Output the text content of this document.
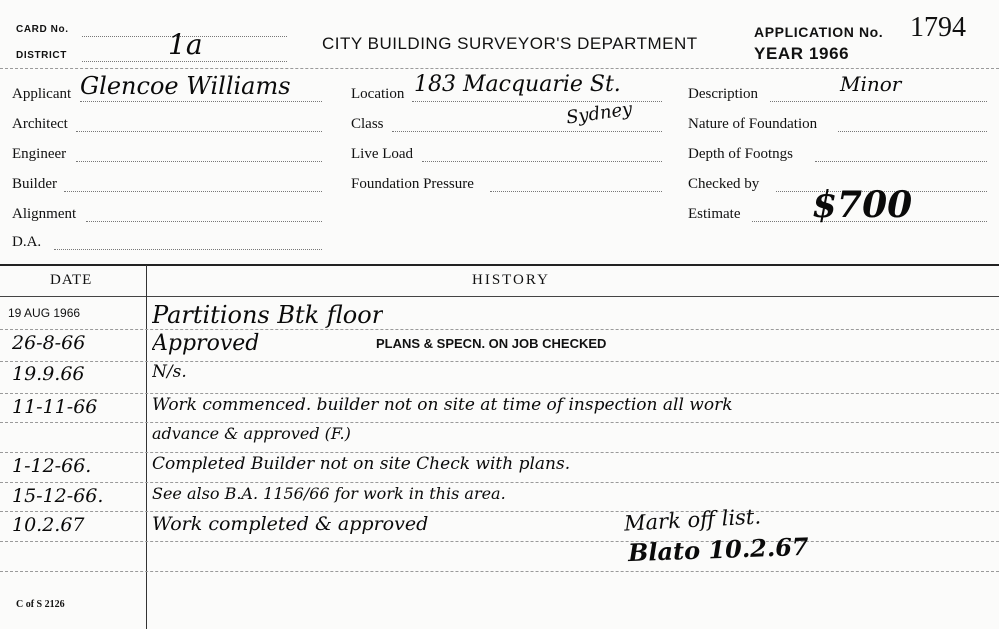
CARD No.
DISTRICT	1a	CITY BUILDING SURVEYOR'S DEPARTMENT
APPLICATION No. 1794
YEAR 1966
Applicant Glencoe Williams
Architect
Engineer
Builder
Alignment
D.A.
Location 183 Macquarie St.
Sydney
Class
Live Load
Foundation Pressure
Description	Minor
Nature of Foundation
Depth of Footngs
Checked by
Estimate $700
DATE	HISTORY
19 AUG 1966	Partitions Btk floor
26-8-66	Approved	PLANS & SPECN. ON JOB CHECKED
19.9.66	N/s.
11-11-66	Work commenced. builder not on site at time of inspection all work
advance & approved (F.)
1-12-66.	Completed Builder not on site Check with plans.
15-12-66.	See also B.A. 1156/66 for work in this area.
10.2.67	Work completed & approved	Mark off list.
Blato 10.2.67
C of S 2126
